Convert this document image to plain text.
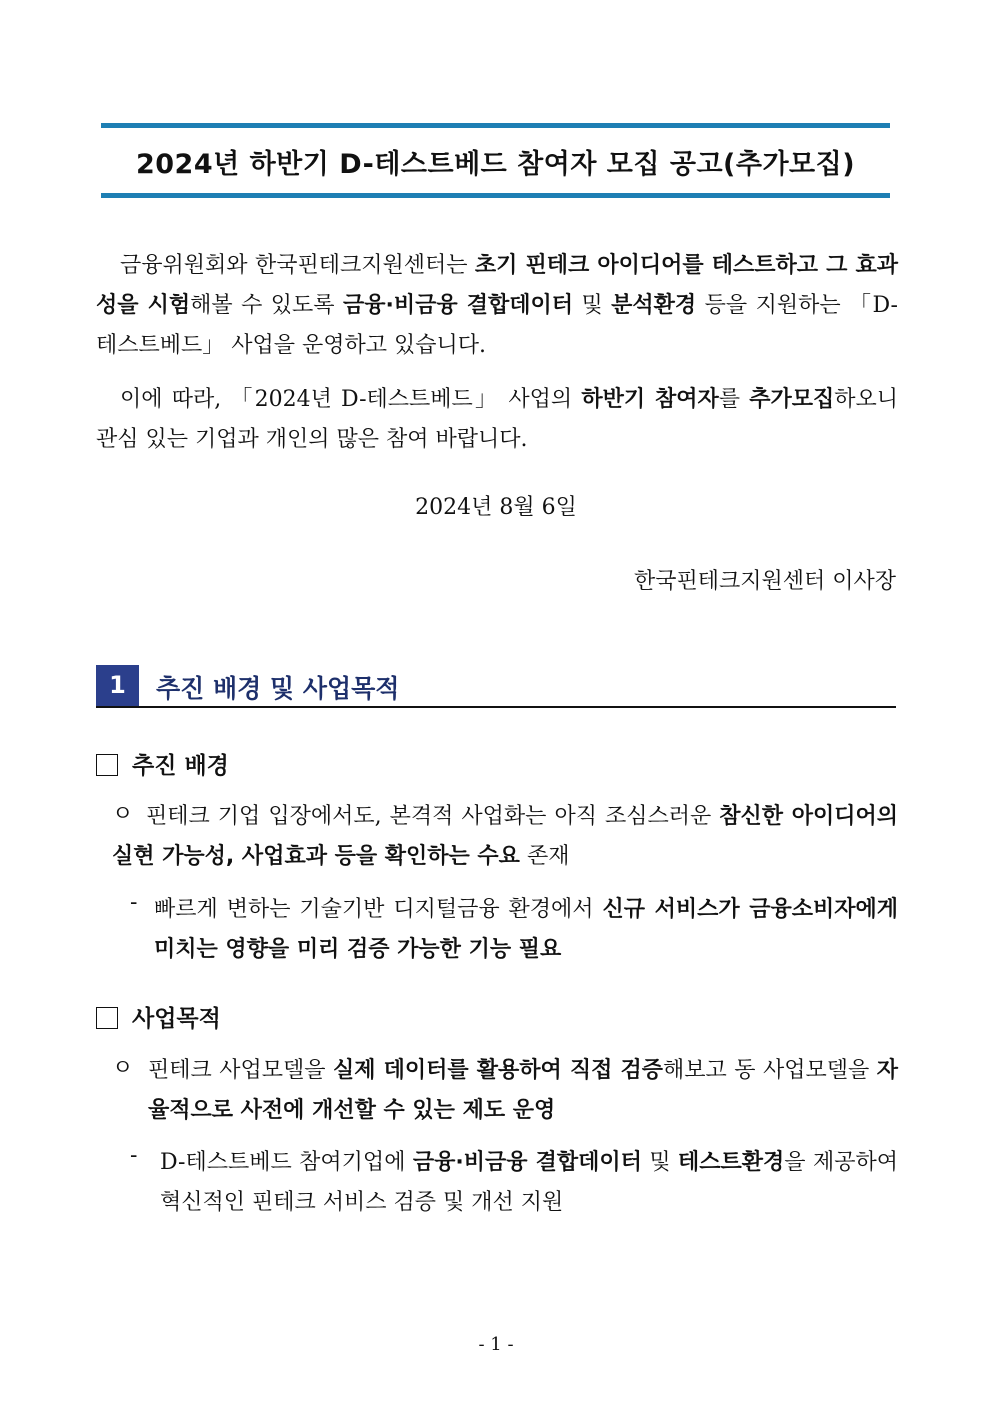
2024년 하반기 D-테스트베드 참여자 모집 공고(추가모집)

금융위원회와 한국핀테크지원센터는 초기 핀테크 아이디어를 테스트하고 그 효과성을 시험해볼 수 있도록 금융·비금융 결합데이터 및 분석환경 등을 지원하는 「D-테스트베드」 사업을 운영하고 있습니다.

이에 따라, 「2024년 D-테스트베드」 사업의 하반기 참여자를 추가모집하오니 관심 있는 기업과 개인의 많은 참여 바랍니다.

2024년 8월 6일
한국핀테크지원센터 이사장
1	추진 배경 및 사업목적
추진 배경
ㅇ 핀테크 기업 입장에서도, 본격적 사업화는 아직 조심스러운 참신한 아이디어의 실현 가능성, 사업효과 등을 확인하는 수요 존재

- 빠르게 변하는 기술기반 디지털금융 환경에서 신규 서비스가 금융소비자에게 미치는 영향을 미리 검증 가능한 기능 필요

사업목적
ㅇ 핀테크 사업모델을 실제 데이터를 활용하여 직접 검증해보고 동 사업모델을 자율적으로 사전에 개선할 수 있는 제도 운영

- D-테스트베드 참여기업에 금융·비금융 결합데이터 및 테스트환경을 제공하여 혁신적인 핀테크 서비스 검증 및 개선 지원

- 1 -
